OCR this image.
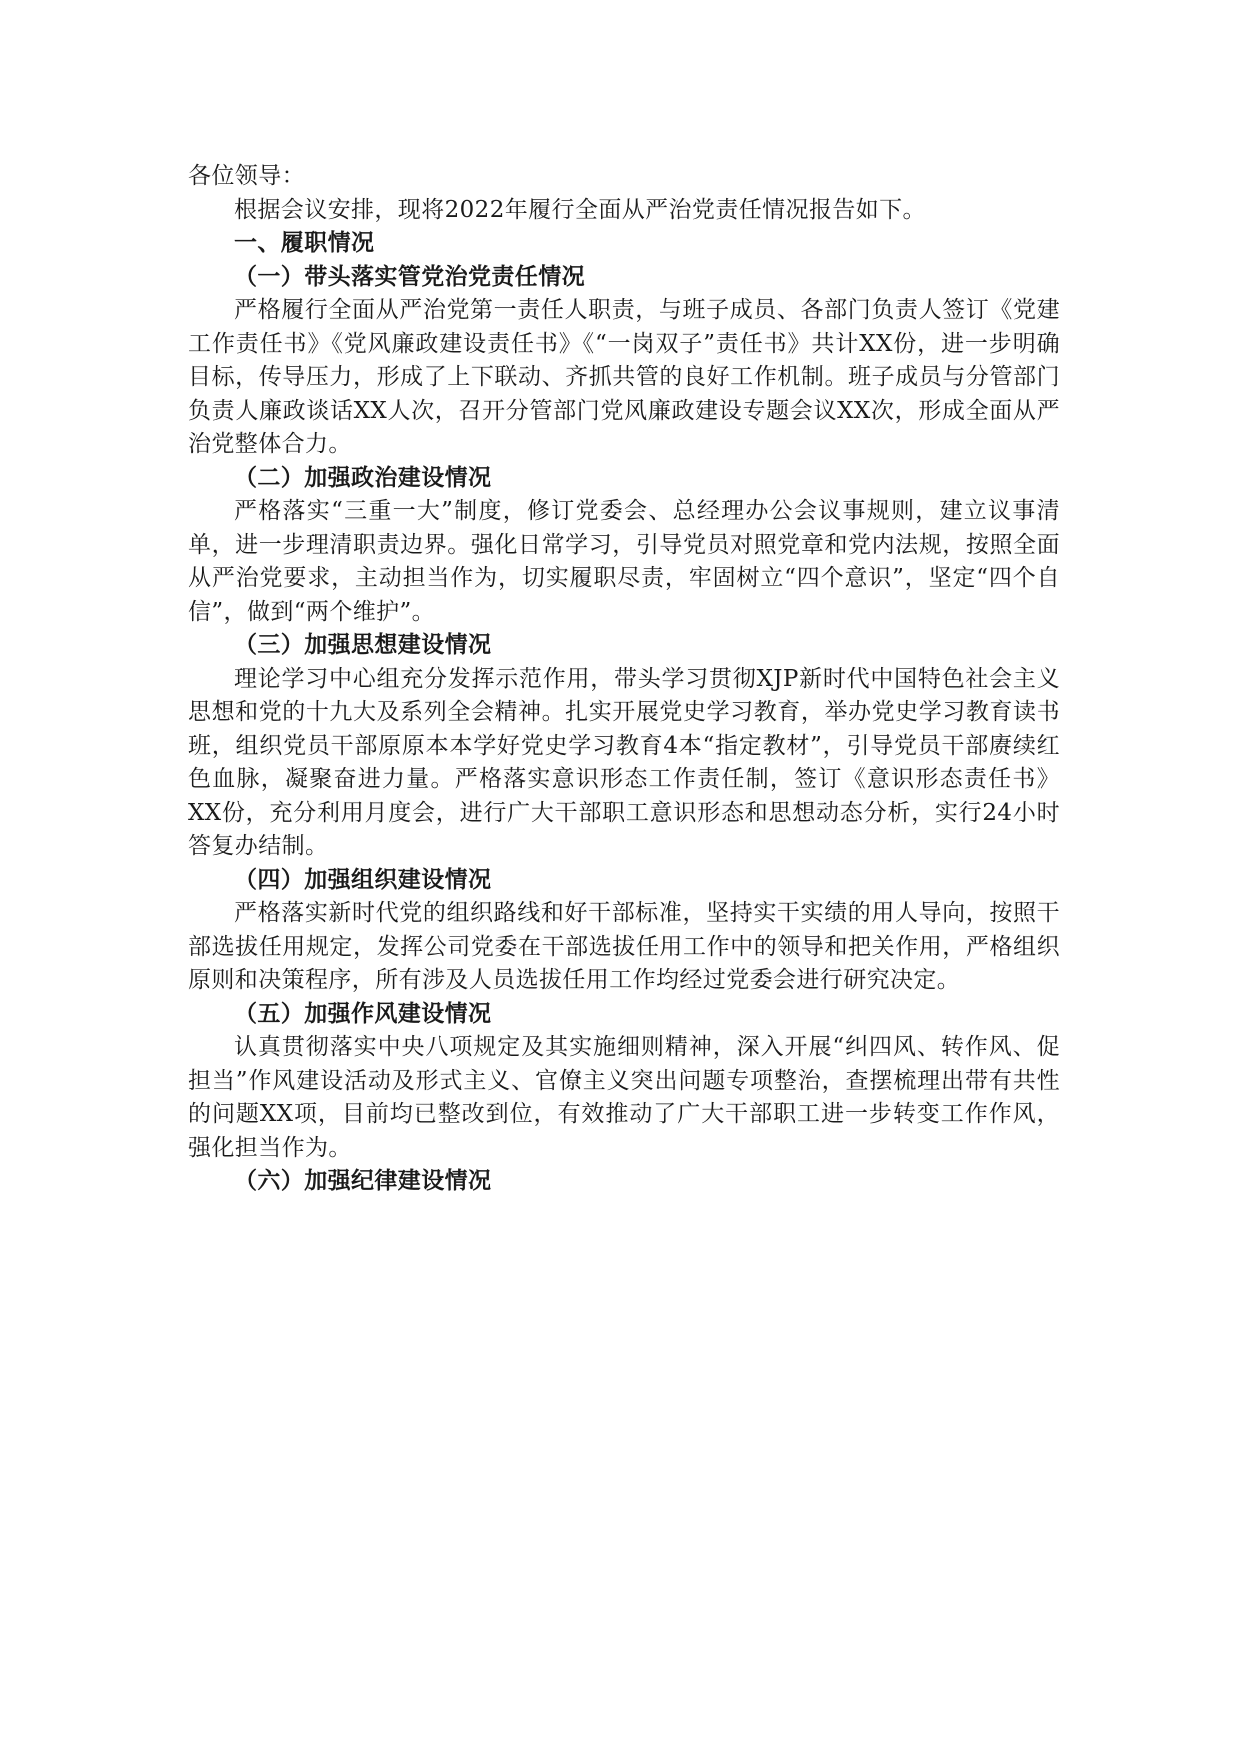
各位领导：

根据会议安排，现将2022年履行全面从严治党责任情况报告如下。

一、履职情况

（一）带头落实管党治党责任情况

严格履行全面从严治党第一责任人职责，与班子成员、各部门负责人签订《党建工作责任书》《党风廉政建设责任书》《“一岗双子”责任书》共计XX份，进一步明确目标，传导压力，形成了上下联动、齐抓共管的良好工作机制。班子成员与分管部门负责人廉政谈话XX人次，召开分管部门党风廉政建设专题会议XX次，形成全面从严治党整体合力。

（二）加强政治建设情况

严格落实“三重一大”制度，修订党委会、总经理办公会议事规则，建立议事清单，进一步理清职责边界。强化日常学习，引导党员对照党章和党内法规，按照全面从严治党要求，主动担当作为，切实履职尽责，牢固树立“四个意识”，坚定“四个自信”，做到“两个维护”。

（三）加强思想建设情况

理论学习中心组充分发挥示范作用，带头学习贯彻XJP新时代中国特色社会主义思想和党的十九大及系列全会精神。扎实开展党史学习教育，举办党史学习教育读书班，组织党员干部原原本本学好党史学习教育4本“指定教材”，引导党员干部赓续红色血脉，凝聚奋进力量。严格落实意识形态工作责任制，签订《意识形态责任书》XX份，充分利用月度会，进行广大干部职工意识形态和思想动态分析，实行24小时答复办结制。

（四）加强组织建设情况

严格落实新时代党的组织路线和好干部标准，坚持实干实绩的用人导向，按照干部选拔任用规定，发挥公司党委在干部选拔任用工作中的领导和把关作用，严格组织原则和决策程序，所有涉及人员选拔任用工作均经过党委会进行研究决定。

（五）加强作风建设情况

认真贯彻落实中央八项规定及其实施细则精神，深入开展“纠四风、转作风、促担当”作风建设活动及形式主义、官僚主义突出问题专项整治，查摆梳理出带有共性的问题XX项，目前均已整改到位，有效推动了广大干部职工进一步转变工作作风，强化担当作为。

（六）加强纪律建设情况
